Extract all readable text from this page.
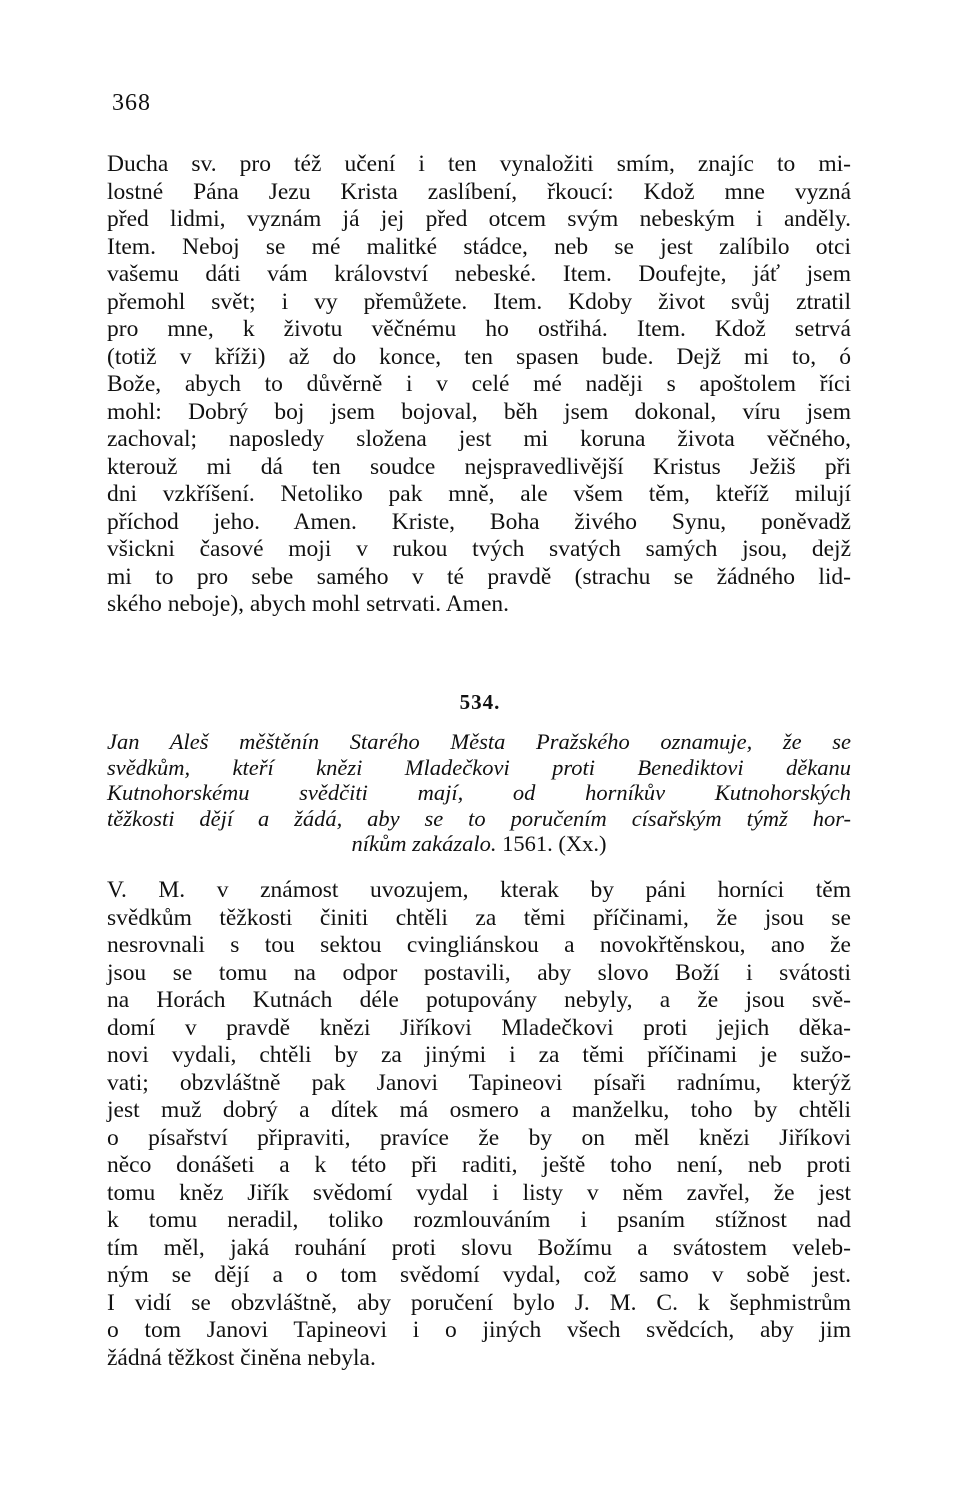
368
Ducha sv. pro též učení i ten vynaložiti smím, znajíc to mi-
lostné Pána Jezu Krista zaslíbení, řkoucí: Kdož mne vyzná
před lidmi, vyznám já jej před otcem svým nebeským i anděly.
Item. Neboj se mé malitké stádce, neb se jest zalíbilo otci
vašemu dáti vám království nebeské. Item. Doufejte, jáť jsem
přemohl svět; i vy přemůžete. Item. Kdoby život svůj ztratil
pro mne, k životu věčnému ho ostřihá. Item. Kdož setrvá
(totiž v kříži) až do konce, ten spasen bude. Dejž mi to, ó
Bože, abych to důvěrně i v celé mé naději s apoštolem říci
mohl: Dobrý boj jsem bojoval, běh jsem dokonal, víru jsem
zachoval; naposledy složena jest mi koruna života věčného,
kterouž mi dá ten soudce nejspravedlivější Kristus Ježiš při
dni vzkříšení. Netoliko pak mně, ale všem těm, kteříž milují
příchod jeho. Amen. Kriste, Boha živého Synu, poněvadž
všickni časové moji v rukou tvých svatých samých jsou, dejž
mi to pro sebe samého v té pravdě (strachu se žádného lid-
ského neboje), abych mohl setrvati. Amen.
534.
Jan Aleš měštěnín Starého Města Pražského oznamuje, že se
svědkům, kteří knězi Mladečkovi proti Benediktovi děkanu
Kutnohorskému svědčiti mají, od horníkův Kutnohorských
těžkosti dějí a žádá, aby se to poručením císařským týmž hor-
níkům zakázalo. 1561. (Xx.)
V. M. v známost uvozujem, kterak by páni horníci těm
svědkům těžkosti činiti chtěli za těmi příčinami, že jsou se
nesrovnali s tou sektou cvingliánskou a novokřtěnskou, ano že
jsou se tomu na odpor postavili, aby slovo Boží i svátosti
na Horách Kutnách déle potupovány nebyly, a že jsou svě-
domí v pravdě knězi Jiříkovi Mladečkovi proti jejich děka-
novi vydali, chtěli by za jinými i za těmi příčinami je sužo-
vati; obzvláštně pak Janovi Tapineovi písaři radnímu, kterýž
jest muž dobrý a dítek má osmero a manželku, toho by chtěli
o písařství připraviti, pravíce že by on měl knězi Jiříkovi
něco donášeti a k této při raditi, ještě toho není, neb proti
tomu kněz Jiřík svědomí vydal i listy v něm zavřel, že jest
k tomu neradil, toliko rozmlouváním i psaním stížnost nad
tím měl, jaká rouhání proti slovu Božímu a svátostem veleb-
ným se dějí a o tom svědomí vydal, což samo v sobě jest.
I vidí se obzvláštně, aby poručení bylo J. M. C. k šephmistrům
o tom Janovi Tapineovi i o jiných všech svědcích, aby jim
žádná těžkost činěna nebyla.
